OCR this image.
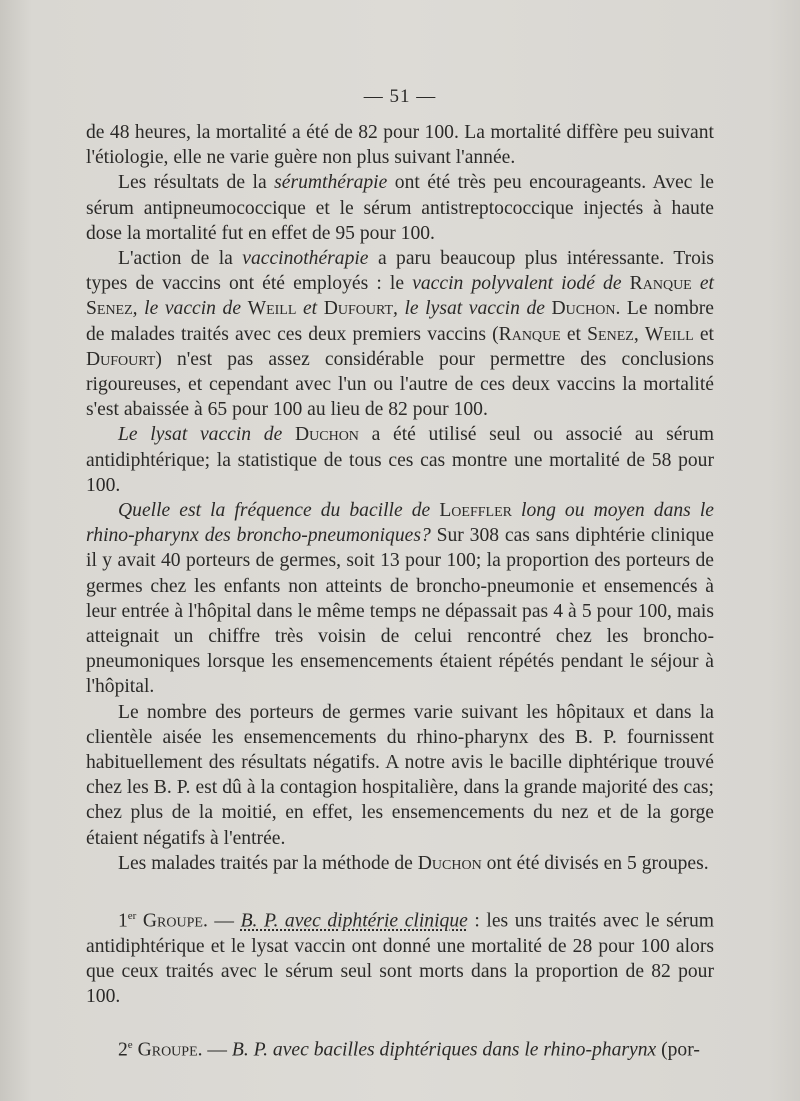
— 51 —

de 48 heures, la mortalité a été de 82 pour 100. La mortalité diffère peu suivant l'étiologie, elle ne varie guère non plus suivant l'année.

Les résultats de la sérumthérapie ont été très peu encourageants. Avec le sérum antipneumococcique et le sérum antistreptococcique injectés à haute dose la mortalité fut en effet de 95 pour 100.

L'action de la vaccinothérapie a paru beaucoup plus intéressante. Trois types de vaccins ont été employés : le vaccin polyvalent iodé de Ranque et Senez, le vaccin de Weill et Dufourt, le lysat vaccin de Duchon. Le nombre de malades traités avec ces deux premiers vaccins (Ranque et Senez, Weill et Dufourt) n'est pas assez considérable pour permettre des conclusions rigoureuses, et cependant avec l'un ou l'autre de ces deux vaccins la mortalité s'est abaissée à 65 pour 100 au lieu de 82 pour 100.

Le lysat vaccin de Duchon a été utilisé seul ou associé au sérum antidiphtérique; la statistique de tous ces cas montre une mortalité de 58 pour 100.

Quelle est la fréquence du bacille de Loeffler long ou moyen dans le rhino-pharynx des broncho-pneumoniques? Sur 308 cas sans diphtérie clinique il y avait 40 porteurs de germes, soit 13 pour 100; la proportion des porteurs de germes chez les enfants non atteints de broncho-pneumonie et ensemencés à leur entrée à l'hôpital dans le même temps ne dépassait pas 4 à 5 pour 100, mais atteignait un chiffre très voisin de celui rencontré chez les broncho-pneumoniques lorsque les ensemencements étaient répétés pendant le séjour à l'hôpital.

Le nombre des porteurs de germes varie suivant les hôpitaux et dans la clientèle aisée les ensemencements du rhino-pharynx des B. P. fournissent habituellement des résultats négatifs. A notre avis le bacille diphtérique trouvé chez les B. P. est dû à la contagion hospitalière, dans la grande majorité des cas; chez plus de la moitié, en effet, les ensemencements du nez et de la gorge étaient négatifs à l'entrée.

Les malades traités par la méthode de Duchon ont été divisés en 5 groupes.

1er Groupe. — B. P. avec diphtérie clinique : les uns traités avec le sérum antidiphtérique et le lysat vaccin ont donné une mortalité de 28 pour 100 alors que ceux traités avec le sérum seul sont morts dans la proportion de 82 pour 100.

2e Groupe. — B. P. avec bacilles diphtériques dans le rhino-pharynx (por-
